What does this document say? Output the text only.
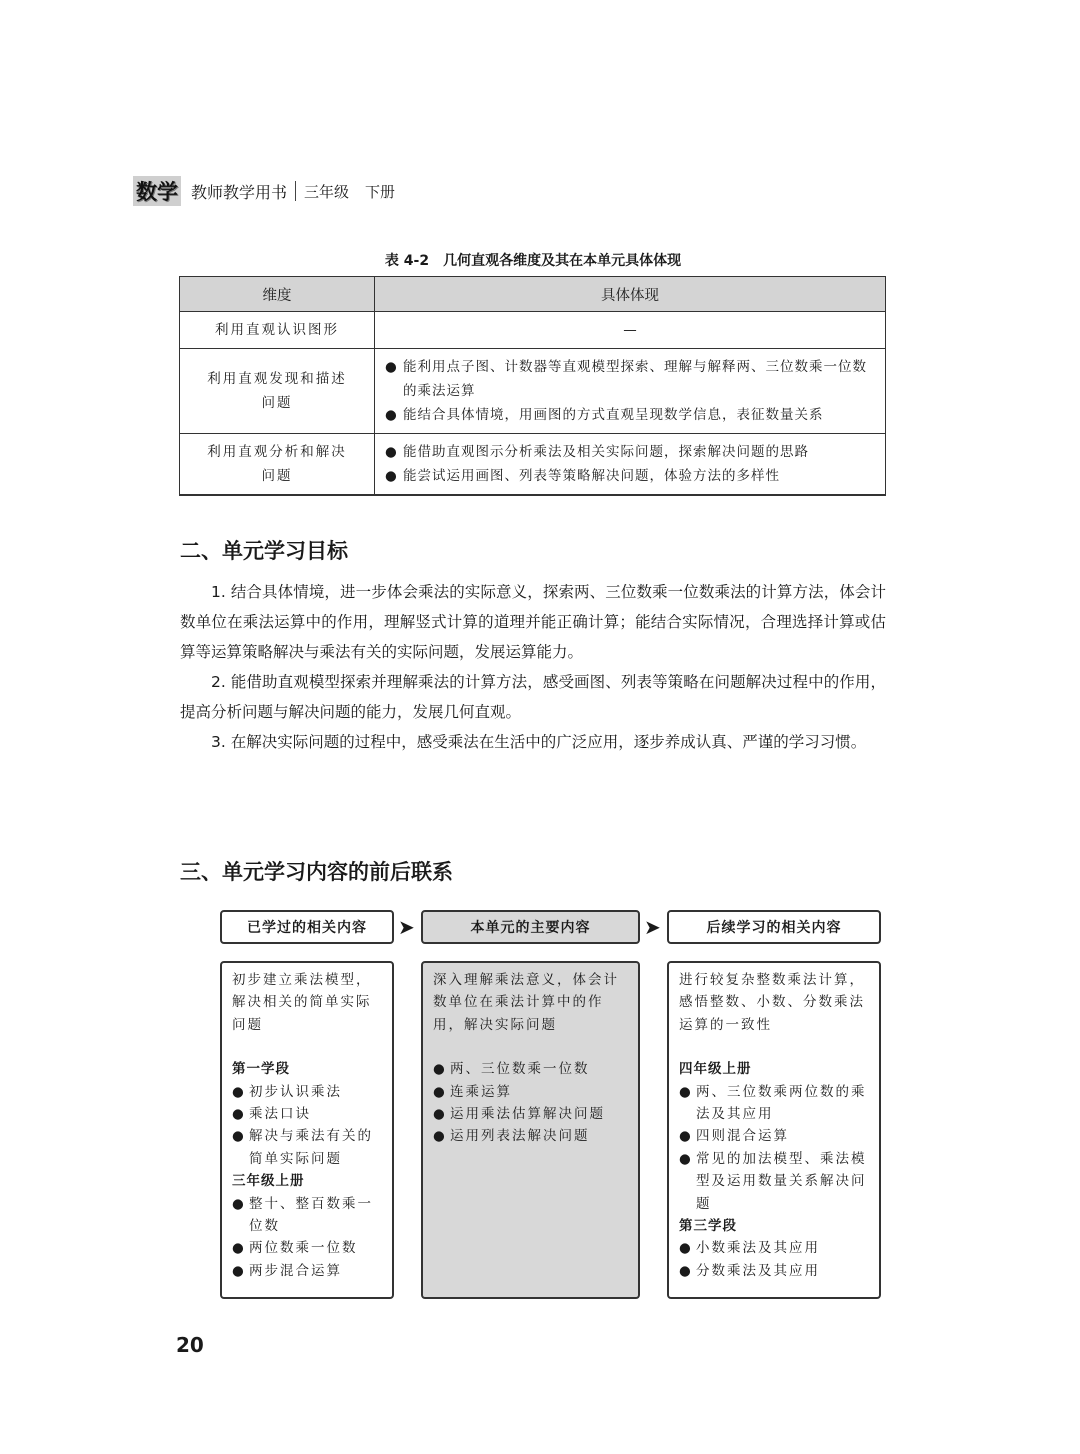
数学 教师教学用书 三年级 下册
表 4-2　几何直观各维度及其在本单元具体体现
维度	具体体现
利用直观认识图形	—
利用直观发现和描述问题	● 能利用点子图、计数器等直观模型探索、理解与解释两、三位数乘一位数的乘法运算
● 能结合具体情境，用画图的方式直观呈现数学信息，表征数量关系

利用直观分析和解决问题	● 能借助直观图示分析乘法及相关实际问题，探索解决问题的思路
● 能尝试运用画图、列表等策略解决问题，体验方法的多样性
二、单元学习目标

1. 结合具体情境，进一步体会乘法的实际意义，探索两、三位数乘一位数乘法的计算方法，体会计数单位在乘法运算中的作用，理解竖式计算的道理并能正确计算；能结合实际情况，合理选择计算或估算等运算策略解决与乘法有关的实际问题，发展运算能力。

2. 能借助直观模型探索并理解乘法的计算方法，感受画图、列表等策略在问题解决过程中的作用，提高分析问题与解决问题的能力，发展几何直观。

3. 在解决实际问题的过程中，感受乘法在生活中的广泛应用，逐步养成认真、严谨的学习习惯。

三、单元学习内容的前后联系
已学过的相关内容	➤	本单元的主要内容	➤	后续学习的相关内容
初步建立乘法模型，解决相关的简单实际问题
第一学段
● 初步认识乘法
● 乘法口诀
● 解决与乘法有关的简单实际问题
三年级上册
● 整十、整百数乘一位数
● 两位数乘一位数
● 两步混合运算
深入理解乘法意义，体会计数单位在乘法计算中的作用，解决实际问题
● 两、三位数乘一位数
● 连乘运算
● 运用乘法估算解决问题
● 运用列表法解决问题
进行较复杂整数乘法计算，感悟整数、小数、分数乘法运算的一致性
四年级上册
● 两、三位数乘两位数的乘法及其应用
● 四则混合运算
● 常见的加法模型、乘法模型及运用数量关系解决问题
第三学段
● 小数乘法及其应用
● 分数乘法及其应用
20
